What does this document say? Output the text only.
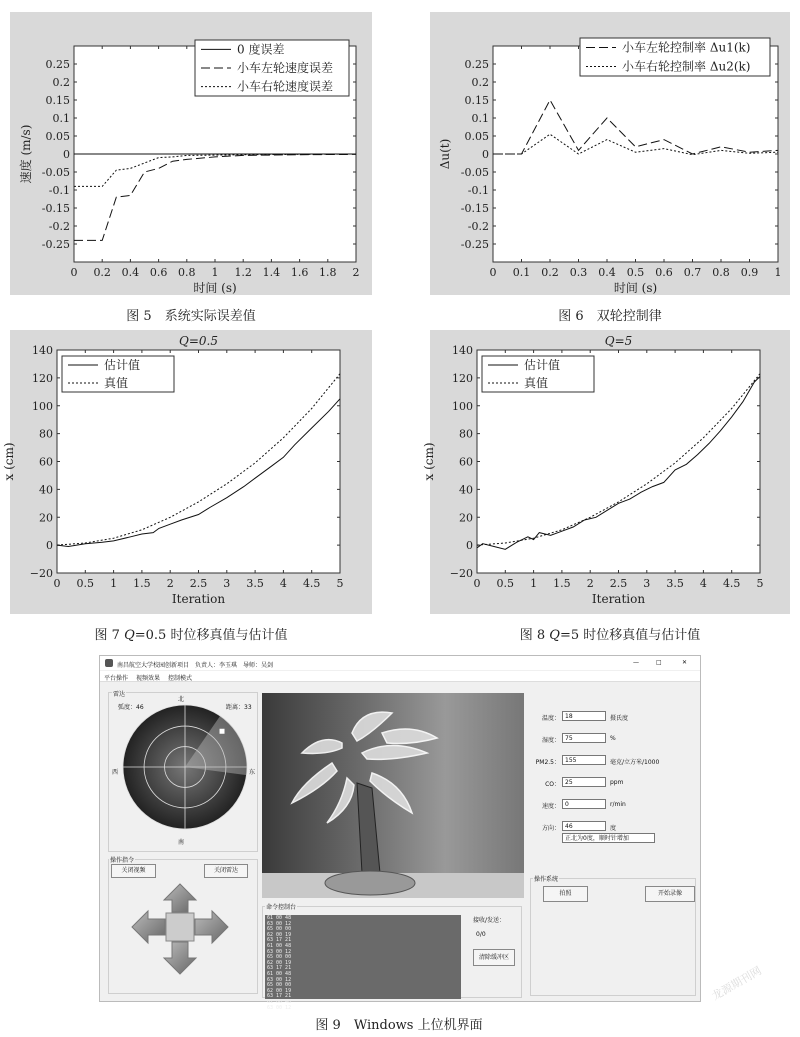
0 0.2 0.4 0.6 0.8 1 1.2 1.4 1.6 1.8 2
0.25
0.2
0.15
0.1
0.05
0
-0.05
-0.1
-0.15
-0.2
-0.25
时间 (s)
速度 (m/s)
0 度误差
小车左轮速度误差
小车右轮速度误差
图 5　系统实际误差值
0 0.1 0.2 0.3 0.4 0.5 0.6 0.7 0.8 0.9 1
0.25
0.2
0.15
0.1
0.05
0
-0.05
-0.1
-0.15
-0.2
-0.25
时间 (s)
Δu(t)
小车左轮控制率 Δu1(k)
小车右轮控制率 Δu2(k)
图 6　双轮控制律
0 0.5 1 1.5 2 2.5 3 3.5 4 4.5 5
140
120
100
80
60
40
20
0
−20
Iteration
x (cm)
Q=0.5
估计值
真值
图 7 Q=0.5 时位移真值与估计值
0 0.5 1 1.5 2 2.5 3 3.5 4 4.5 5
140
120
100
80
60
40
20
0
−20
Iteration
x (cm)
Q=5
估计值
真值
图 8 Q=5 时位移真值与估计值
南昌航空大学校园创新项目　负责人：李玉琪　导师：吴剑	—	□	✕
平台操作 视频效果 控制模式
雷达
弧度：46	距离：33
北
南
西	东
操作指令
关闭视频	关闭雷达
命令控制台
61 00 48
63 00 12
65 00 00
62 00 19
63 17 21
61 00 48
63 00 12
65 00 00
62 00 19
63 17 21
61 00 48
63 00 12
65 00 00
62 00 19
63 17 21
61 00 48
63 00 12
接收/发送：
0/0
清除缓冲区
温度： 18	摄氏度
湿度： 75	%
PM2.5： 155	毫克/立方米/1000
CO： 25	ppm
速度： 0	r/min
方向： 46	度
正北为0度，顺时针增加
操作系统
拍照	开始录像
图 9　 Windows 上位机界面
龙源期刊网
